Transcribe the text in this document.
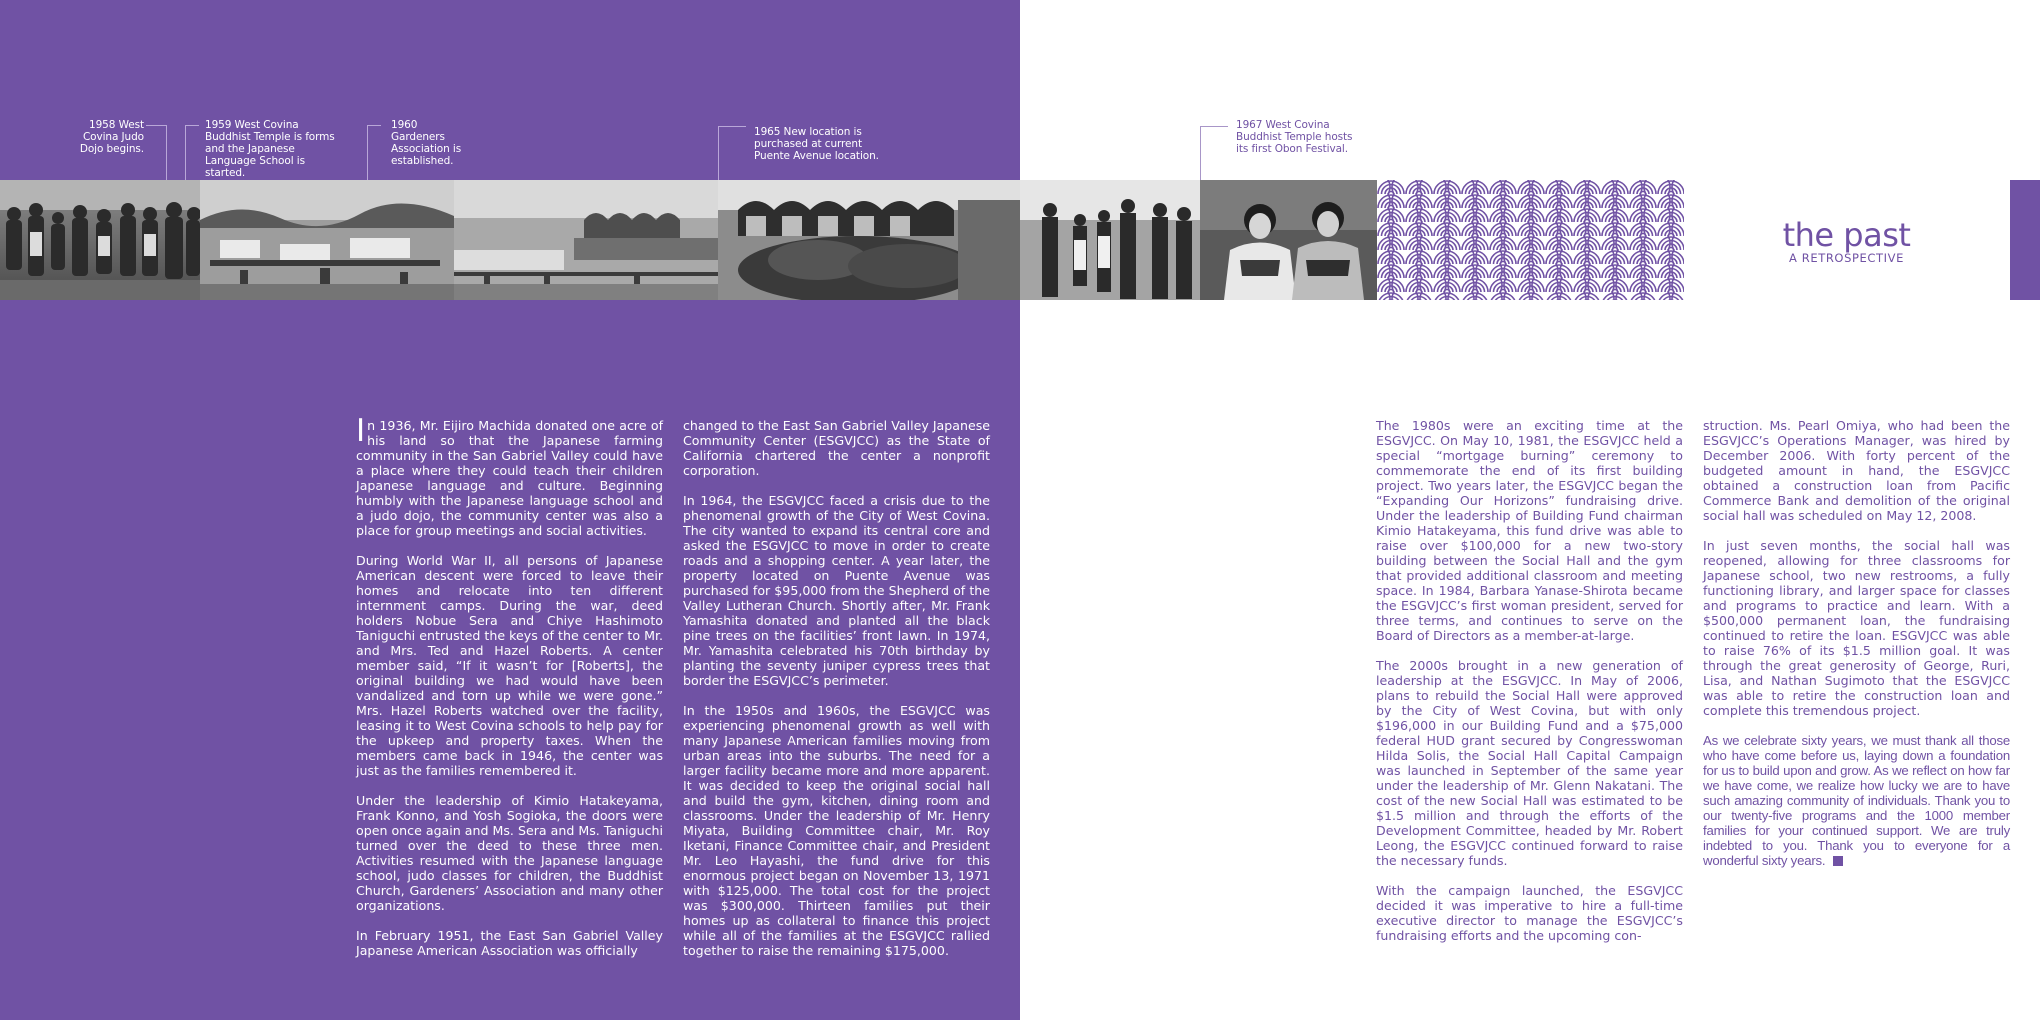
1958 West Covina Judo Dojo begins.
1959 West Covina Buddhist Temple is forms and the Japanese Language School is started.
1960 Gardeners Association is established.
1965 New location is purchased at current Puente Avenue location.
1967 West Covina Buddhist Temple hosts its first Obon Festival.
the past
A RETROSPECTIVE

In 1936, Mr. Eijiro Machida donated one acre of his land so that the Japanese farming community in the San Gabriel Valley could have a place where they could teach their children Japanese language and culture. Beginning humbly with the Japanese language school and a judo dojo, the community center was also a place for group meetings and social activities.

During World War II, all persons of Japanese American descent were forced to leave their homes and relocate into ten different internment camps. During the war, deed holders Nobue Sera and Chiye Hashimoto Taniguchi entrusted the keys of the center to Mr. and Mrs. Ted and Hazel Roberts. A center member said, “If it wasn’t for [Roberts], the original building we had would have been vandalized and torn up while we were gone.” Mrs. Hazel Roberts watched over the facility, leasing it to West Covina schools to help pay for the upkeep and property taxes. When the members came back in 1946, the center was just as the families remembered it.

Under the leadership of Kimio Hatakeyama, Frank Konno, and Yosh Sogioka, the doors were open once again and Ms. Sera and Ms. Taniguchi turned over the deed to these three men. Activities resumed with the Japanese language school, judo classes for children, the Buddhist Church, Gardeners’ Association and many other organizations.

In February 1951, the East San Gabriel Valley Japanese American Association was officially

changed to the East San Gabriel Valley Japanese Community Center (ESGVJCC) as the State of California chartered the center a nonprofit corporation.

In 1964, the ESGVJCC faced a crisis due to the phenomenal growth of the City of West Covina. The city wanted to expand its central core and asked the ESGVJCC to move in order to create roads and a shopping center. A year later, the property located on Puente Avenue was purchased for $95,000 from the Shepherd of the Valley Lutheran Church. Shortly after, Mr. Frank Yamashita donated and planted all the black pine trees on the facilities’ front lawn. In 1974, Mr. Yamashita celebrated his 70th birthday by planting the seventy juniper cypress trees that border the ESGVJCC’s perimeter.

In the 1950s and 1960s, the ESGVJCC was experiencing phenomenal growth as well with many Japanese American families moving from urban areas into the suburbs. The need for a larger facility became more and more apparent. It was decided to keep the original social hall and build the gym, kitchen, dining room and classrooms. Under the leadership of Mr. Henry Miyata, Building Committee chair, Mr. Roy Iketani, Finance Committee chair, and President Mr. Leo Hayashi, the fund drive for this enormous project began on November 13, 1971 with $125,000. The total cost for the project was $300,000. Thirteen families put their homes up as collateral to finance this project while all of the families at the ESGVJCC rallied together to raise the remaining $175,000.

The 1980s were an exciting time at the ESGVJCC. On May 10, 1981, the ESGVJCC held a special “mortgage burning” ceremony to commemorate the end of its first building project. Two years later, the ESGVJCC began the “Expanding Our Horizons” fundraising drive. Under the leadership of Building Fund chairman Kimio Hatakeyama, this fund drive was able to raise over $100,000 for a new two-story building between the Social Hall and the gym that provided additional classroom and meeting space. In 1984, Barbara Yanase-Shirota became the ESGVJCC’s first woman president, served for three terms, and continues to serve on the Board of Directors as a member-at-large.

The 2000s brought in a new generation of leadership at the ESGVJCC. In May of 2006, plans to rebuild the Social Hall were approved by the City of West Covina, but with only $196,000 in our Building Fund and a $75,000 federal HUD grant secured by Congresswoman Hilda Solis, the Social Hall Capital Campaign was launched in September of the same year under the leadership of Mr. Glenn Nakatani. The cost of the new Social Hall was estimated to be $1.5 million and through the efforts of the Development Committee, headed by Mr. Robert Leong, the ESGVJCC continued forward to raise the necessary funds.

With the campaign launched, the ESGVJCC decided it was imperative to hire a full-time executive director to manage the ESGVJCC’s fundraising efforts and the upcoming con-

struction. Ms. Pearl Omiya, who had been the ESGVJCC’s Operations Manager, was hired by December 2006. With forty percent of the budgeted amount in hand, the ESGVJCC obtained a construction loan from Pacific Commerce Bank and demolition of the original social hall was scheduled on May 12, 2008.

In just seven months, the social hall was reopened, allowing for three classrooms for Japanese school, two new restrooms, a fully functioning library, and larger space for classes and programs to practice and learn. With a $500,000 permanent loan, the fundraising continued to retire the loan. ESGVJCC was able to raise 76% of its $1.5 million goal. It was through the great generosity of George, Ruri, Lisa, and Nathan Sugimoto that the ESGVJCC was able to retire the construction loan and complete this tremendous project.

As we celebrate sixty years, we must thank all those who have come before us, laying down a foundation for us to build upon and grow. As we reflect on how far we have come, we realize how lucky we are to have such amazing community of individuals. Thank you to our twenty-five programs and the 1000 member families for your continued support. We are truly indebted to you. Thank you to everyone for a wonderful sixty years.
